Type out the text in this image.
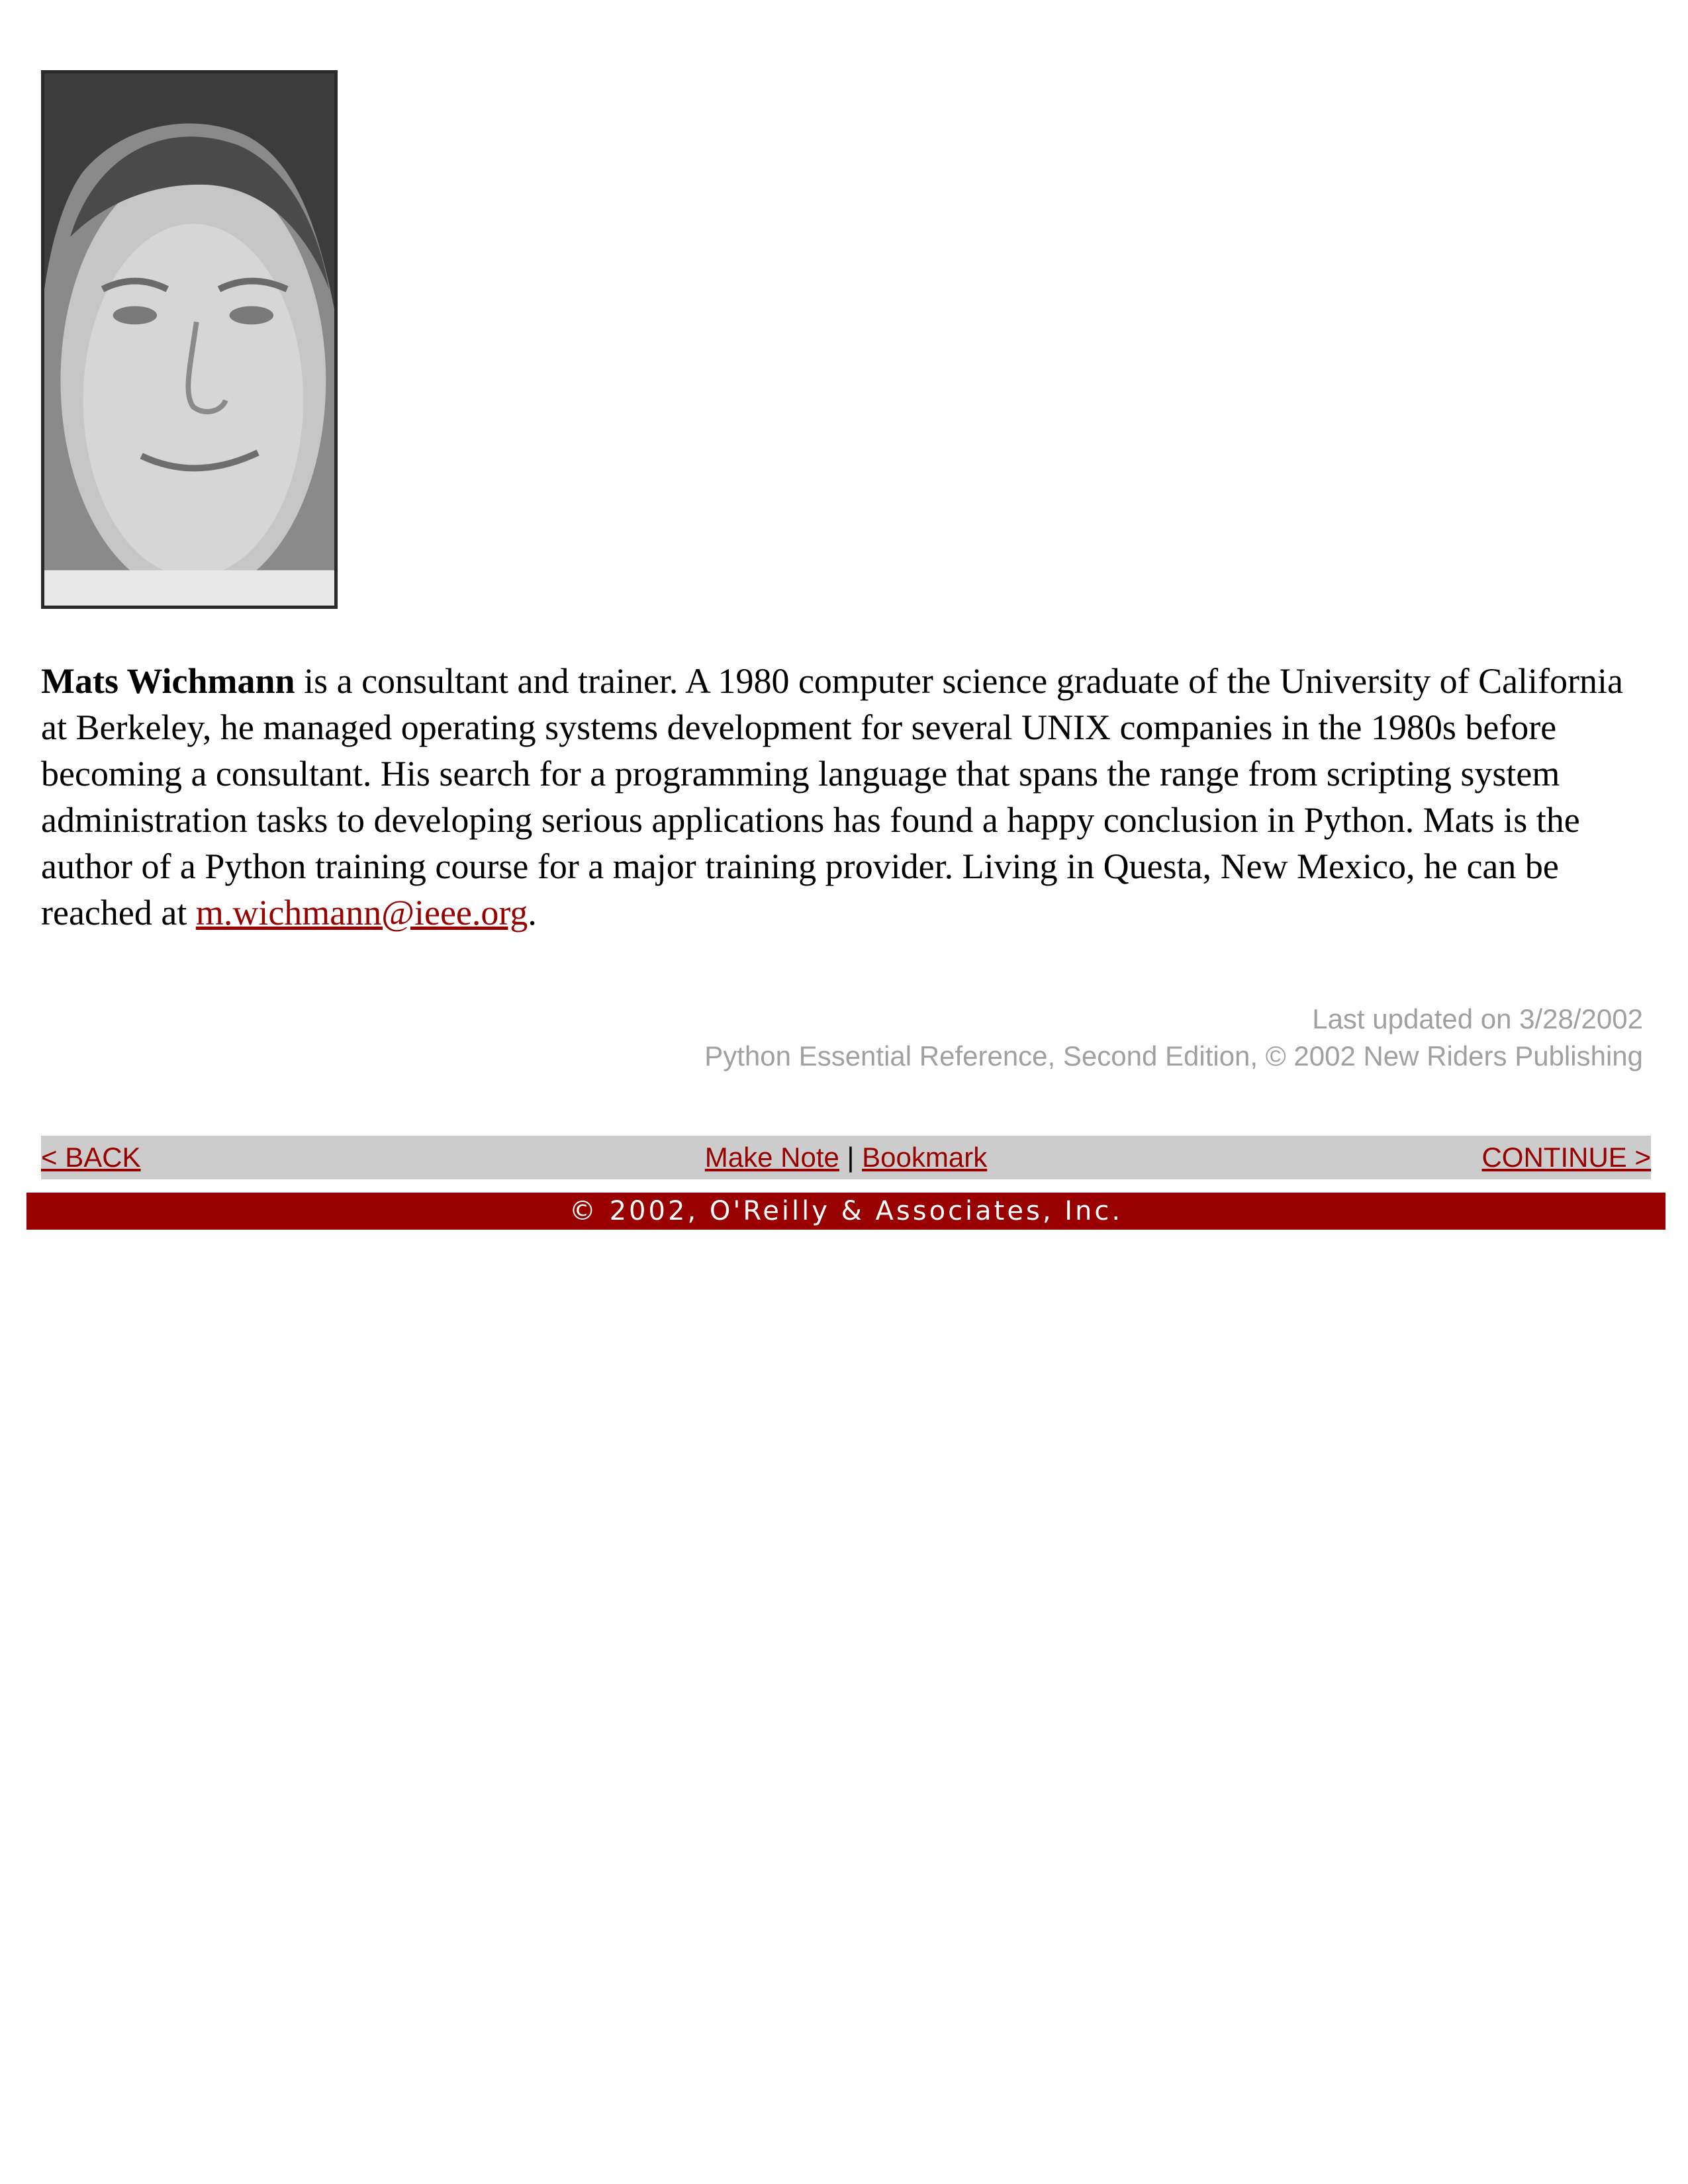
Mats Wichmann is a consultant and trainer. A 1980 computer science graduate of the University of California at Berkeley, he managed operating systems development for several UNIX companies in the 1980s before becoming a consultant. His search for a programming language that spans the range from scripting system administration tasks to developing serious applications has found a happy conclusion in Python. Mats is the author of a Python training course for a major training provider. Living in Questa, New Mexico, he can be reached at m.wichmann@ieee.org.

Last updated on 3/28/2002
Python Essential Reference, Second Edition, © 2002 New Riders Publishing
< BACK	Make Note | Bookmark	CONTINUE >
© 2002, O'Reilly & Associates, Inc.
